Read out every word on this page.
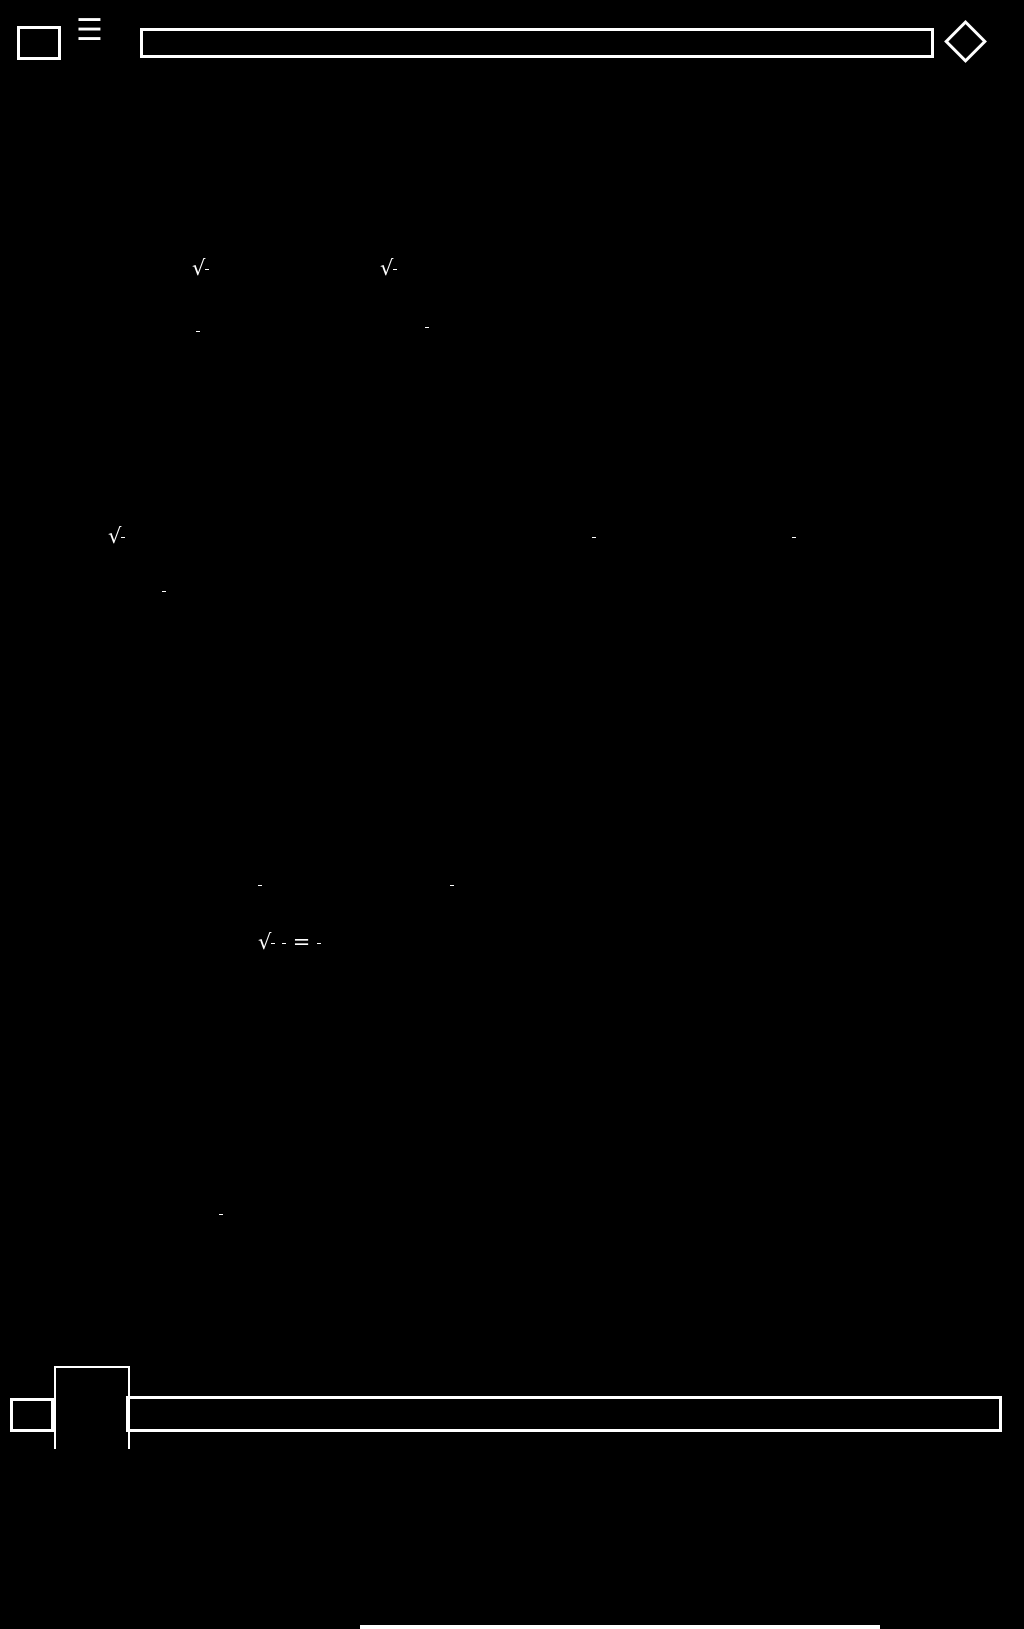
☰	◇
√	√
√
√
=
